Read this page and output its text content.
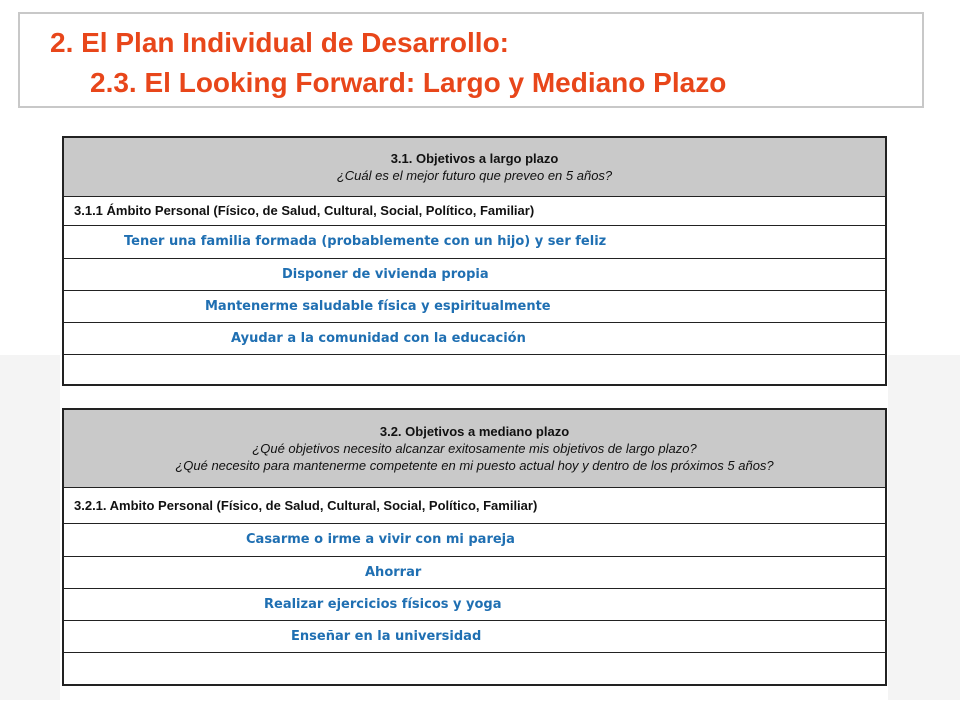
2. El Plan Individual de Desarrollo:
2.3. El Looking Forward: Largo y Mediano Plazo
3.1. Objetivos a largo plazo
¿Cuál es el mejor futuro que preveo en 5 años?

3.1.1 Ámbito Personal (Físico, de Salud, Cultural, Social, Político, Familiar)
Tener una familia formada (probablemente con un hijo) y ser feliz
Disponer de vivienda propia
Mantenerme saludable física y espiritualmente
Ayudar a la comunidad con la educación

3.2. Objetivos a mediano plazo
¿Qué objetivos necesito alcanzar exitosamente mis objetivos de largo plazo?
¿Qué necesito para mantenerme competente en mi puesto actual hoy y dentro de los próximos 5 años?

3.2.1. Ambito Personal (Físico, de Salud, Cultural, Social, Político, Familiar)
Casarme o irme a vivir con mi pareja
Ahorrar
Realizar ejercicios físicos y yoga
Enseñar en la universidad
